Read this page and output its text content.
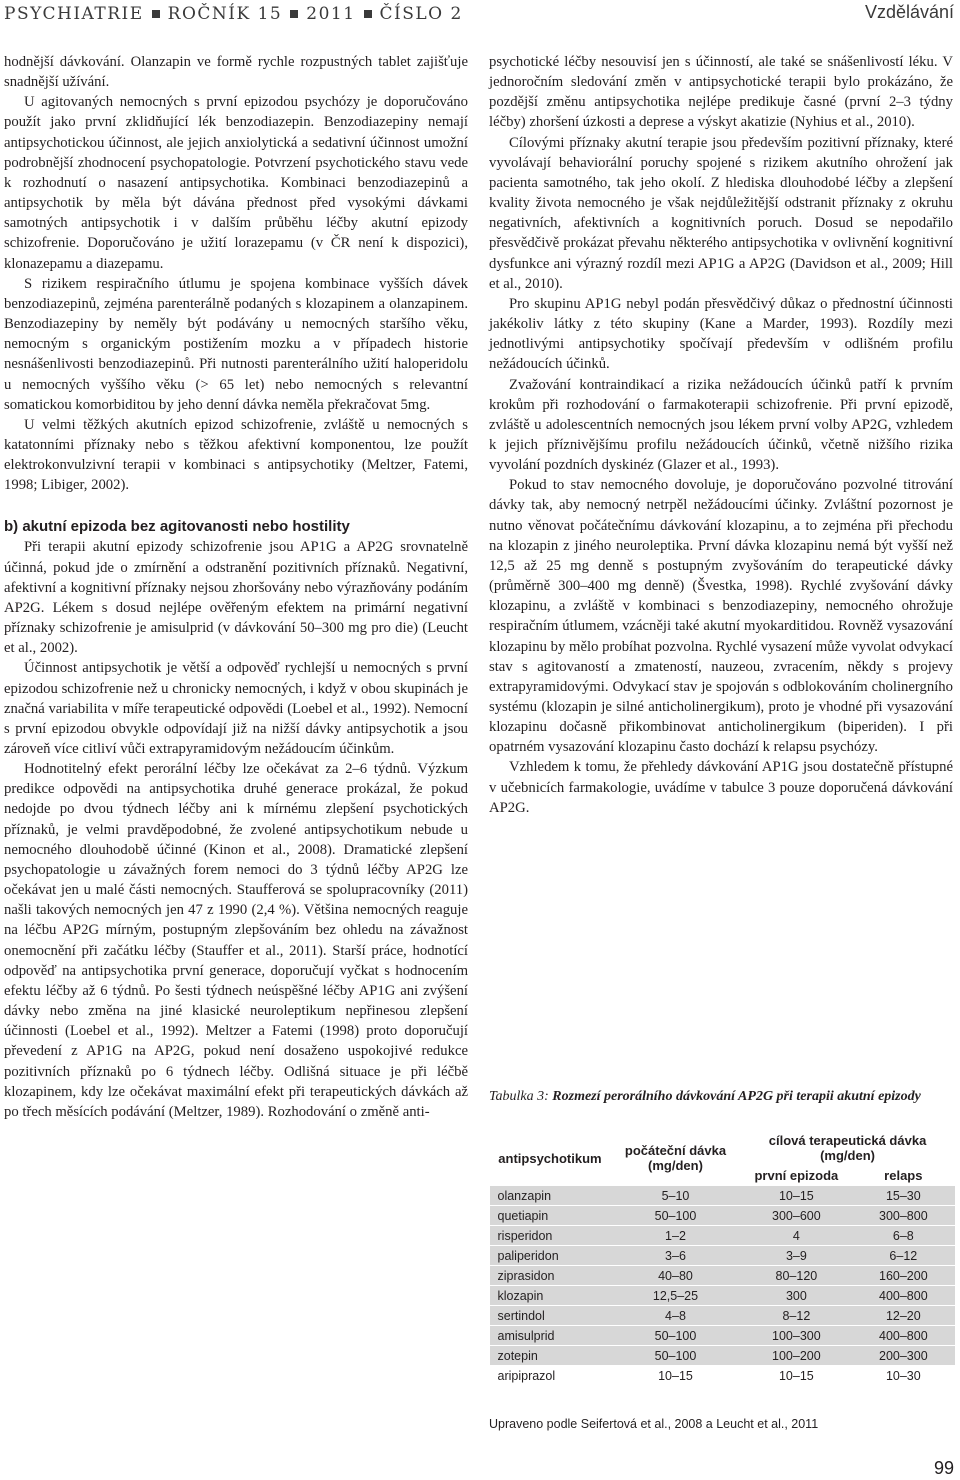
PSYCHIATRIE ROČNÍK 15 2011 ČÍSLO 2	Vzdělávání

hodnější dávkování. Olanzapin ve formě rychle rozpustných tablet zajišťuje snadnější užívání.

U agitovaných nemocných s první epizodou psychózy je doporučováno použít jako první zklidňující lék benzodiazepin. Benzodiazepiny nemají antipsychotickou účinnost, ale jejich anxiolytická a sedativní účinnost umožní podrobnější zhodnocení psychopatologie. Potvrzení psychotického stavu vede k rozhodnutí o nasazení antipsychotika. Kombinaci benzodiazepinů a antipsychotik by měla být dávána přednost před vysokými dávkami samotných antipsychotik i v dalším průběhu léčby akutní epizody schizofrenie. Doporučováno je užití lorazepamu (v ČR není k dispozici), klonazepamu a diazepamu.

S rizikem respiračního útlumu je spojena kombinace vyšších dávek benzodiazepinů, zejména parenterálně podaných s klozapinem a olanzapinem. Benzodiazepiny by neměly být podávány u nemocných staršího věku, nemocným s organickým postižením mozku a v případech historie nesnášenlivosti benzodiazepinů. Při nutnosti parenterálního užití haloperidolu u nemocných vyššího věku (> 65 let) nebo nemocných s relevantní somatickou komorbiditou by jeho denní dávka neměla překračovat 5mg.

U velmi těžkých akutních epizod schizofrenie, zvláště u nemocných s katatonními příznaky nebo s těžkou afektivní komponentou, lze použít elektrokonvulzivní terapii v kombinaci s antipsychotiky (Meltzer, Fatemi, 1998; Libiger, 2002).

b) akutní epizoda bez agitovanosti nebo hostility

Při terapii akutní epizody schizofrenie jsou AP1G a AP2G srovnatelně účinná, pokud jde o zmírnění a odstranění pozitivních příznaků. Negativní, afektivní a kognitivní příznaky nejsou zhoršovány nebo výrazňovány podáním AP2G. Lékem s dosud nejlépe ověřeným efektem na primární negativní příznaky schizofrenie je amisulprid (v dávkování 50–300 mg pro die) (Leucht et al., 2002).

Účinnost antipsychotik je větší a odpověď rychlejší u nemocných s první epizodou schizofrenie než u chronicky nemocných, i když v obou skupinách je značná variabilita v míře terapeutické odpovědi (Loebel et al., 1992). Nemocní s první epizodou obvykle odpovídají již na nižší dávky antipsychotik a jsou zároveň více citliví vůči extrapyramidovým nežádoucím účinkům.

Hodnotitelný efekt perorální léčby lze očekávat za 2–6 týdnů. Výzkum predikce odpovědi na antipsychotika druhé generace prokázal, že pokud nedojde po dvou týdnech léčby ani k mírnému zlepšení psychotických příznaků, je velmi pravděpodobné, že zvolené antipsychotikum nebude u nemocného dlouhodobě účinné (Kinon et al., 2008). Dramatické zlepšení psychopatologie u závažných forem nemoci do 3 týdnů léčby AP2G lze očekávat jen u malé části nemocných. Staufferová se spolupracovníky (2011) našli takových nemocných jen 47 z 1990 (2,4 %). Většina nemocných reaguje na léčbu AP2G mírným, postupným zlepšováním bez ohledu na závažnost onemocnění při začátku léčby (Stauffer et al., 2011). Starší práce, hodnotící odpověď na antipsychotika první generace, doporučují vyčkat s hodnocením efektu léčby až 6 týdnů. Po šesti týdnech neúspěšné léčby AP1G ani zvýšení dávky nebo změna na jiné klasické neuroleptikum nepřinesou zlepšení účinnosti (Loebel et al., 1992). Meltzer a Fatemi (1998) proto doporučují převedení z AP1G na AP2G, pokud není dosaženo uspokojivé redukce pozitivních příznaků po 6 týdnech léčby. Odlišná situace je při léčbě klozapinem, kdy lze očekávat maximální efekt při terapeutických dávkách až po třech měsících podávání (Meltzer, 1989). Rozhodování o změně anti-

psychotické léčby nesouvisí jen s účinností, ale také se snášenlivostí léku. V jednoročním sledování změn v antipsychotické terapii bylo prokázáno, že pozdější změnu antipsychotika nejlépe predikuje časné (první 2–3 týdny léčby) zhoršení úzkosti a deprese a výskyt akatizie (Nyhius et al., 2010).

Cílovými příznaky akutní terapie jsou především pozitivní příznaky, které vyvolávají behaviorální poruchy spojené s rizikem akutního ohrožení jak pacienta samotného, tak jeho okolí. Z hlediska dlouhodobé léčby a zlepšení kvality života nemocného je však nejdůležitější odstranit příznaky z okruhu negativních, afektivních a kognitivních poruch. Dosud se nepodařilo přesvědčivě prokázat převahu některého antipsychotika v ovlivnění kognitivní dysfunkce ani výrazný rozdíl mezi AP1G a AP2G (Davidson et al., 2009; Hill et al., 2010).

Pro skupinu AP1G nebyl podán přesvědčivý důkaz o přednostní účinnosti jakékoliv látky z této skupiny (Kane a Marder, 1993). Rozdíly mezi jednotlivými antipsychotiky spočívají především v odlišném profilu nežádoucích účinků.

Zvažování kontraindikací a rizika nežádoucích účinků patří k prvním krokům při rozhodování o farmakoterapii schizofrenie. Při první epizodě, zvláště u adolescentních nemocných jsou lékem první volby AP2G, vzhledem k jejich příznivějšímu profilu nežádoucích účinků, včetně nižšího rizika vyvolání pozdních dyskinéz (Glazer et al., 1993).

Pokud to stav nemocného dovoluje, je doporučováno pozvolné titrování dávky tak, aby nemocný netrpěl nežádoucími účinky. Zvláštní pozornost je nutno věnovat počátečnímu dávkování klozapinu, a to zejména při přechodu na klozapin z jiného neuroleptika. První dávka klozapinu nemá být vyšší než 12,5 až 25 mg denně s postupným zvyšováním do terapeutické dávky (průměrně 300–400 mg denně) (Švestka, 1998). Rychlé zvyšování dávky klozapinu, a zvláště v kombinaci s benzodiazepiny, nemocného ohrožuje respiračním útlumem, vzácněji také akutní myokarditidou. Rovněž vysazování klozapinu by mělo probíhat pozvolna. Rychlé vysazení může vyvolat odvykací stav s agitovaností a zmateností, nauzeou, zvracením, někdy s projevy extrapyramidovými. Odvykací stav je spojován s odblokováním cholinergního systému (klozapin je silné anticholinergikum), proto je vhodné při vysazování klozapinu dočasně přikombinovat anticholinergikum (biperiden). I při opatrném vysazování klozapinu často dochází k relapsu psychózy.

Vzhledem k tomu, že přehledy dávkování AP1G jsou dostatečně přístupné v učebnicích farmakologie, uvádíme v tabulce 3 pouze doporučená dávkování AP2G.

Tabulka 3: Rozmezí perorálního dávkování AP2G při terapii akutní epizody
antipsychotikum	počáteční dávka (mg/den)	cílová terapeutická dávka (mg/den)	
		první epizoda	relaps
olanzapin	5–10	10–15	15–30
quetiapin	50–100	300–600	300–800
risperidon	1–2	4	6–8
paliperidon	3–6	3–9	6–12
ziprasidon	40–80	80–120	160–200
klozapin	12,5–25	300	400–800
sertindol	4–8	8–12	12–20
amisulprid	50–100	100–300	400–800
zotepin	50–100	100–200	200–300
aripiprazol	10–15	10–15	10–30
Upraveno podle Seifertová et al., 2008 a Leucht et al., 2011
99
